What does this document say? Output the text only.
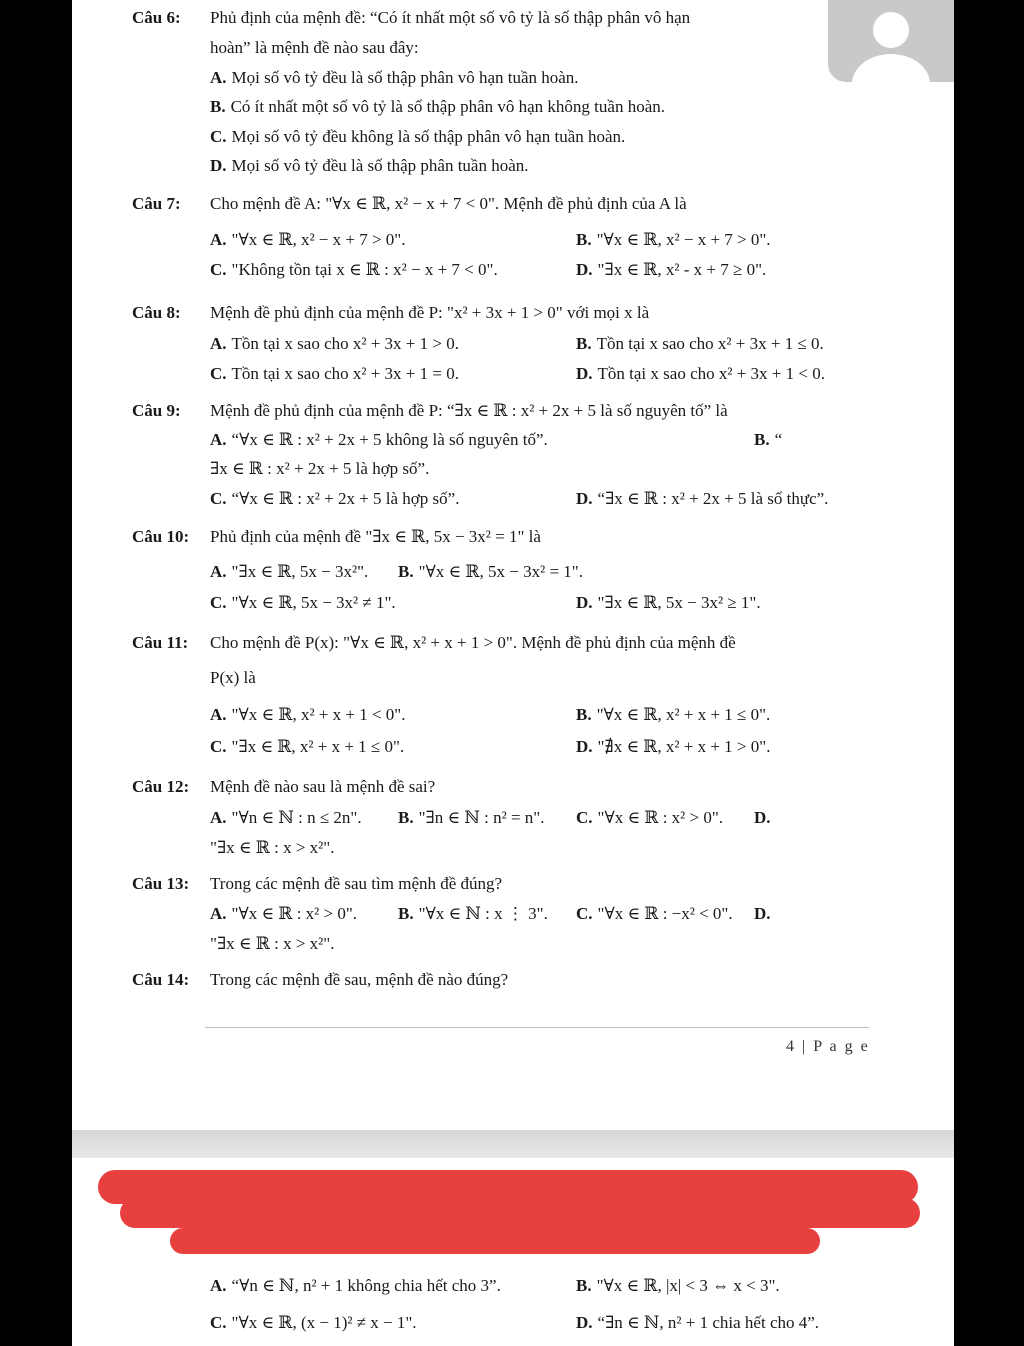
Câu 6: Phủ định của mệnh đề: “Có ít nhất một số vô tỷ là số thập phân vô hạn
hoàn” là mệnh đề nào sau đây:
A. Mọi số vô tỷ đều là số thập phân vô hạn tuần hoàn.
B. Có ít nhất một số vô tỷ là số thập phân vô hạn không tuần hoàn.
C. Mọi số vô tỷ đều không là số thập phân vô hạn tuần hoàn.
D. Mọi số vô tỷ đều là số thập phân tuần hoàn.
Câu 7: Cho mệnh đề A: "∀x ∈ ℝ, x² − x + 7 < 0". Mệnh đề phủ định của A là
A. "∀x ∈ ℝ, x² − x + 7 > 0".	B. "∀x ∈ ℝ, x² − x + 7 > 0".
C. "Không tồn tại x ∈ ℝ : x² − x + 7 < 0".	D. "∃x ∈ ℝ, x² - x + 7 ≥ 0".
Câu 8: Mệnh đề phủ định của mệnh đề P: "x² + 3x + 1 > 0" với mọi x là
A. Tồn tại x sao cho x² + 3x + 1 > 0.	B. Tồn tại x sao cho x² + 3x + 1 ≤ 0.
C. Tồn tại x sao cho x² + 3x + 1 = 0.	D. Tồn tại x sao cho x² + 3x + 1 < 0.
Câu 9: Mệnh đề phủ định của mệnh đề P: “∃x ∈ ℝ : x² + 2x + 5 là số nguyên tố” là
A. “∀x ∈ ℝ : x² + 2x + 5 không là số nguyên tố”.	B. “
∃x ∈ ℝ : x² + 2x + 5 là hợp số”.
C. “∀x ∈ ℝ : x² + 2x + 5 là hợp số”.	D. “∃x ∈ ℝ : x² + 2x + 5 là số thực”.
Câu 10: Phủ định của mệnh đề "∃x ∈ ℝ, 5x − 3x² = 1" là
A. "∃x ∈ ℝ, 5x − 3x²". B. "∀x ∈ ℝ, 5x − 3x² = 1".
C. "∀x ∈ ℝ, 5x − 3x² ≠ 1".	D. "∃x ∈ ℝ, 5x − 3x² ≥ 1".
Câu 11: Cho mệnh đề P(x): "∀x ∈ ℝ, x² + x + 1 > 0". Mệnh đề phủ định của mệnh đề
P(x) là
A. "∀x ∈ ℝ, x² + x + 1 < 0".	B. "∀x ∈ ℝ, x² + x + 1 ≤ 0".
C. "∃x ∈ ℝ, x² + x + 1 ≤ 0".	D. "∄x ∈ ℝ, x² + x + 1 > 0".
Câu 12: Mệnh đề nào sau là mệnh đề sai?
A. "∀n ∈ ℕ : n ≤ 2n". B. "∃n ∈ ℕ : n² = n". C. "∀x ∈ ℝ : x² > 0". D.
"∃x ∈ ℝ : x > x²".
Câu 13: Trong các mệnh đề sau tìm mệnh đề đúng?
A. "∀x ∈ ℝ : x² > 0". B. "∀x ∈ ℕ : x ⋮ 3". C. "∀x ∈ ℝ : −x² < 0". D.
"∃x ∈ ℝ : x > x²".
Câu 14: Trong các mệnh đề sau, mệnh đề nào đúng?
4 | P a g e
A. “∀n ∈ ℕ, n² + 1 không chia hết cho 3”.	B. "∀x ∈ ℝ, |x| < 3 ⇔ x < 3".
C. "∀x ∈ ℝ, (x − 1)² ≠ x − 1".	D. “∃n ∈ ℕ, n² + 1 chia hết cho 4”.
